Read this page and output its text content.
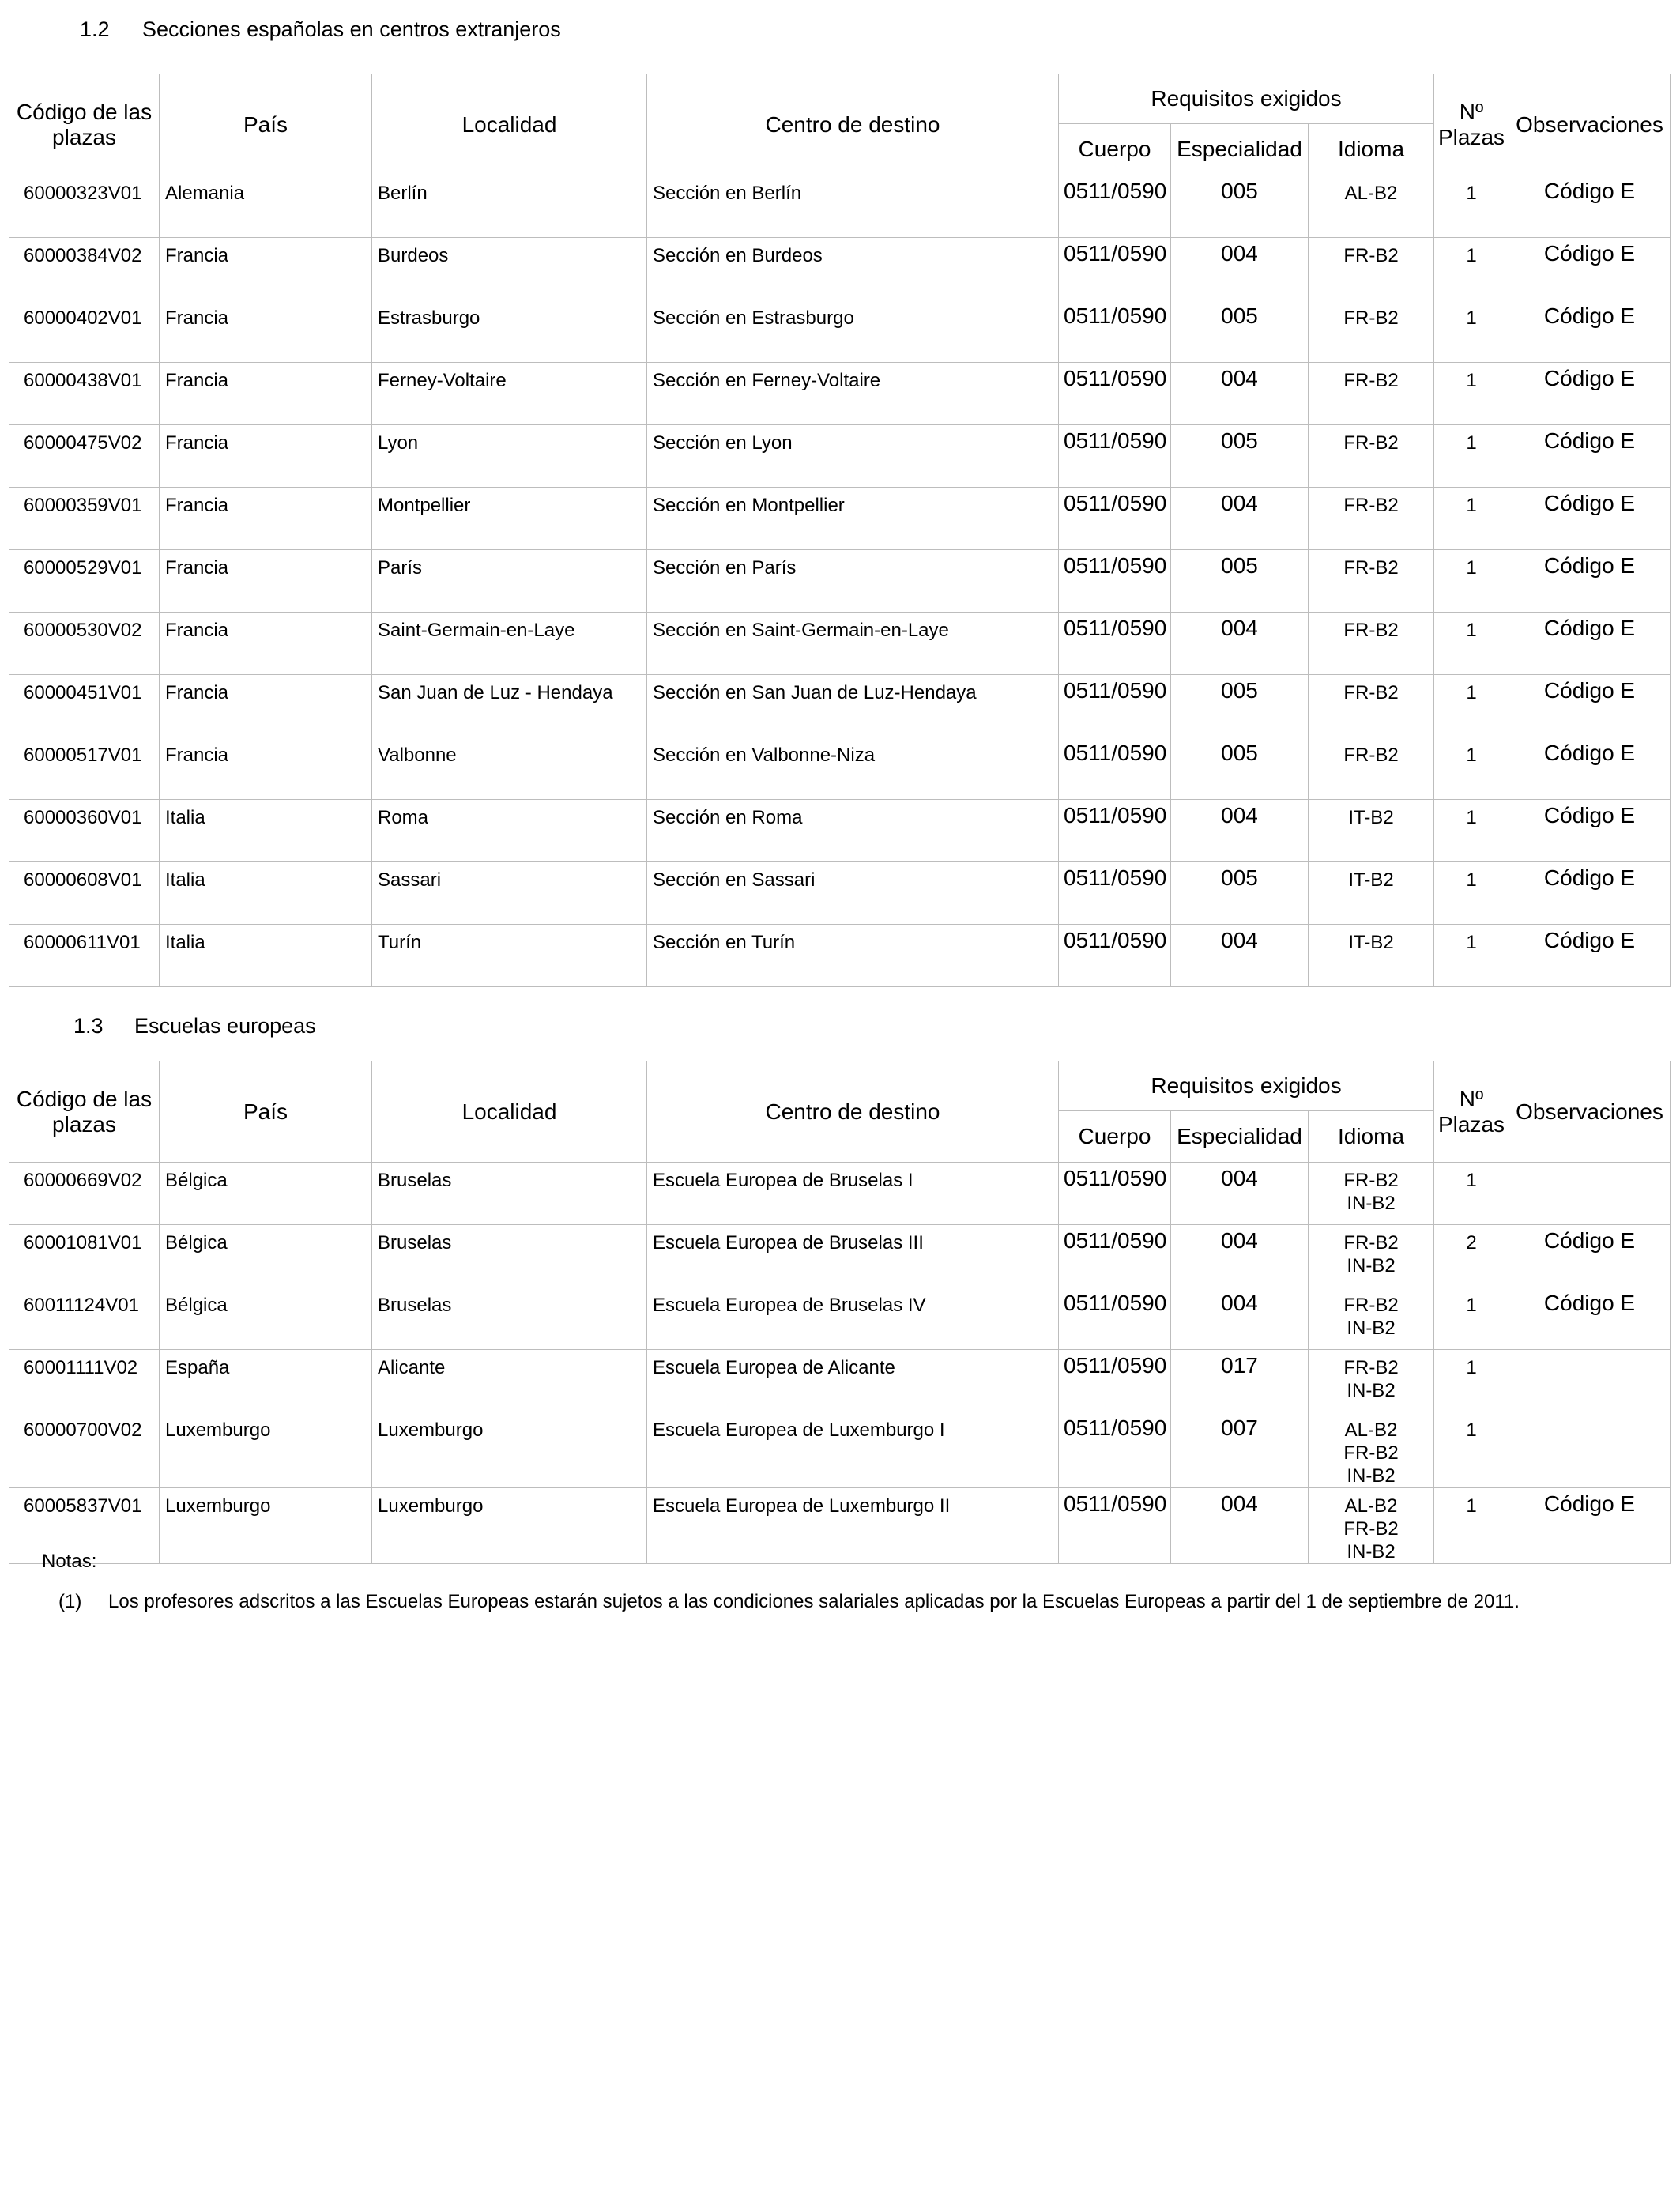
1.2 Secciones españolas en centros extranjeros
Código de las plazas	País	Localidad	Centro de destino	Requisitos exigidos			Nº Plazas	Observaciones
				Cuerpo	Especialidad	Idioma		
60000323V01	Alemania	Berlín	Sección en Berlín	0511/0590	005	AL-B2	1	Código E
60000384V02	Francia	Burdeos	Sección en Burdeos	0511/0590	004	FR-B2	1	Código E
60000402V01	Francia	Estrasburgo	Sección en Estrasburgo	0511/0590	005	FR-B2	1	Código E
60000438V01	Francia	Ferney-Voltaire	Sección en Ferney-Voltaire	0511/0590	004	FR-B2	1	Código E
60000475V02	Francia	Lyon	Sección en Lyon	0511/0590	005	FR-B2	1	Código E
60000359V01	Francia	Montpellier	Sección en Montpellier	0511/0590	004	FR-B2	1	Código E
60000529V01	Francia	París	Sección en París	0511/0590	005	FR-B2	1	Código E
60000530V02	Francia	Saint-Germain-en-Laye	Sección en Saint-Germain-en-Laye	0511/0590	004	FR-B2	1	Código E
60000451V01	Francia	San Juan de Luz - Hendaya	Sección en San Juan de Luz-Hendaya	0511/0590	005	FR-B2	1	Código E
60000517V01	Francia	Valbonne	Sección en Valbonne-Niza	0511/0590	005	FR-B2	1	Código E
60000360V01	Italia	Roma	Sección en Roma	0511/0590	004	IT-B2	1	Código E
60000608V01	Italia	Sassari	Sección en Sassari	0511/0590	005	IT-B2	1	Código E
60000611V01	Italia	Turín	Sección en Turín	0511/0590	004	IT-B2	1	Código E
1.3 Escuelas europeas
Código de las plazas	País	Localidad	Centro de destino	Requisitos exigidos			Nº Plazas	Observaciones
				Cuerpo	Especialidad	Idioma		
60000669V02	Bélgica	Bruselas	Escuela Europea de Bruselas I	0511/0590	004	FR-B2
IN-B2	1	
60001081V01	Bélgica	Bruselas	Escuela Europea de Bruselas III	0511/0590	004	FR-B2
IN-B2	2	Código E
60011124V01	Bélgica	Bruselas	Escuela Europea de Bruselas IV	0511/0590	004	FR-B2
IN-B2	1	Código E
60001111V02	España	Alicante	Escuela Europea de Alicante	0511/0590	017	FR-B2
IN-B2	1	
60000700V02	Luxemburgo	Luxemburgo	Escuela Europea de Luxemburgo I	0511/0590	007	AL-B2
FR-B2
IN-B2	1	
60005837V01	Luxemburgo	Luxemburgo	Escuela Europea de Luxemburgo II	0511/0590	004	AL-B2
FR-B2
IN-B2	1	Código E
Notas:
(1) Los profesores adscritos a las Escuelas Europeas estarán sujetos a las condiciones salariales aplicadas por la Escuelas Europeas a partir del 1 de septiembre de 2011.
